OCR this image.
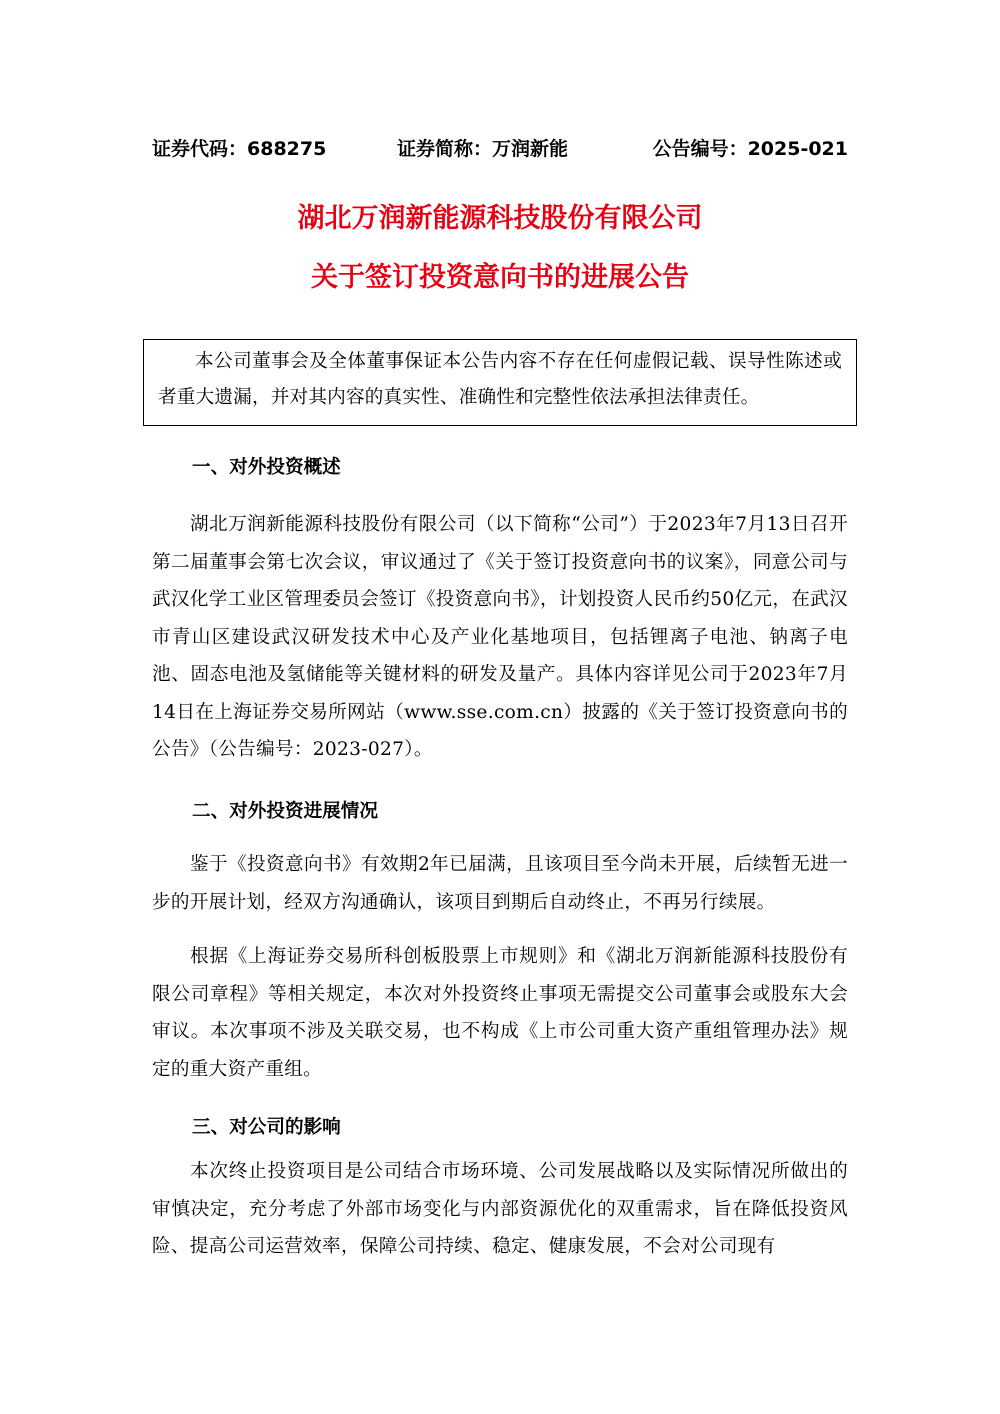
证券代码：688275	证券简称：万润新能	公告编号：2025-021
湖北万润新能源科技股份有限公司
关于签订投资意向书的进展公告

本公司董事会及全体董事保证本公告内容不存在任何虚假记载、误导性陈述或者重大遗漏，并对其内容的真实性、准确性和完整性依法承担法律责任。

一、对外投资概述

湖北万润新能源科技股份有限公司（以下简称“公司”）于2023年7月13日召开第二届董事会第七次会议，审议通过了《关于签订投资意向书的议案》，同意公司与武汉化学工业区管理委员会签订《投资意向书》，计划投资人民币约50亿元，在武汉市青山区建设武汉研发技术中心及产业化基地项目，包括锂离子电池、钠离子电池、固态电池及氢储能等关键材料的研发及量产。具体内容详见公司于2023年7月14日在上海证券交易所网站（www.sse.com.cn）披露的《关于签订投资意向书的公告》（公告编号：2023-027）。

二、对外投资进展情况

鉴于《投资意向书》有效期2年已届满，且该项目至今尚未开展，后续暂无进一步的开展计划，经双方沟通确认，该项目到期后自动终止，不再另行续展。

根据《上海证券交易所科创板股票上市规则》和《湖北万润新能源科技股份有限公司章程》等相关规定，本次对外投资终止事项无需提交公司董事会或股东大会审议。本次事项不涉及关联交易，也不构成《上市公司重大资产重组管理办法》规定的重大资产重组。

三、对公司的影响

本次终止投资项目是公司结合市场环境、公司发展战略以及实际情况所做出的审慎决定，充分考虑了外部市场变化与内部资源优化的双重需求，旨在降低投资风险、提高公司运营效率，保障公司持续、稳定、健康发展，不会对公司现有
